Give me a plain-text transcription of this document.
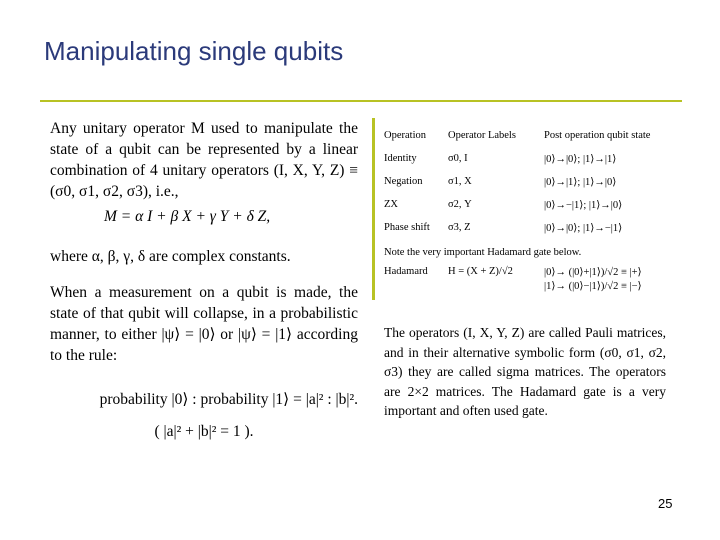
Manipulating single qubits

Any unitary operator M used to manipulate the state of a qubit can be represented by a linear combination of 4 unitary operators (I, X, Y, Z) ≡ (σ0, σ1, σ2, σ3), i.e.,

M = α I + β X + γ Y + δ Z,
where α, β, γ, δ are complex constants.

When a measurement on a qubit is made, the state of that qubit will collapse, in a probabilistic manner, to either |ψ⟩ = |0⟩ or |ψ⟩ = |1⟩ according to the rule:

probability |0⟩ : probability |1⟩ = |a|² : |b|².
( |a|² + |b|² = 1 ).
Operation	Operator Labels	Post operation qubit state
Identity	σ0, I	|0⟩→|0⟩; |1⟩→|1⟩
Negation	σ1, X	|0⟩→|1⟩; |1⟩→|0⟩
ZX	σ2, Y	|0⟩→−|1⟩; |1⟩→|0⟩
Phase shift	σ3, Z	|0⟩→|0⟩; |1⟩→−|1⟩
Note the very important Hadamard gate below.
Hadamard	H = (X + Z)/√2	|0⟩→ (|0⟩+|1⟩)/√2 ≡ |+⟩
|1⟩→ (|0⟩−|1⟩)/√2 ≡ |−⟩
The operators (I, X, Y, Z) are called Pauli matrices, and in their alternative symbolic form (σ0, σ1, σ2, σ3) they are called sigma matrices. The operators are 2×2 matrices. The Hadamard gate is a very important and often used gate.
25
